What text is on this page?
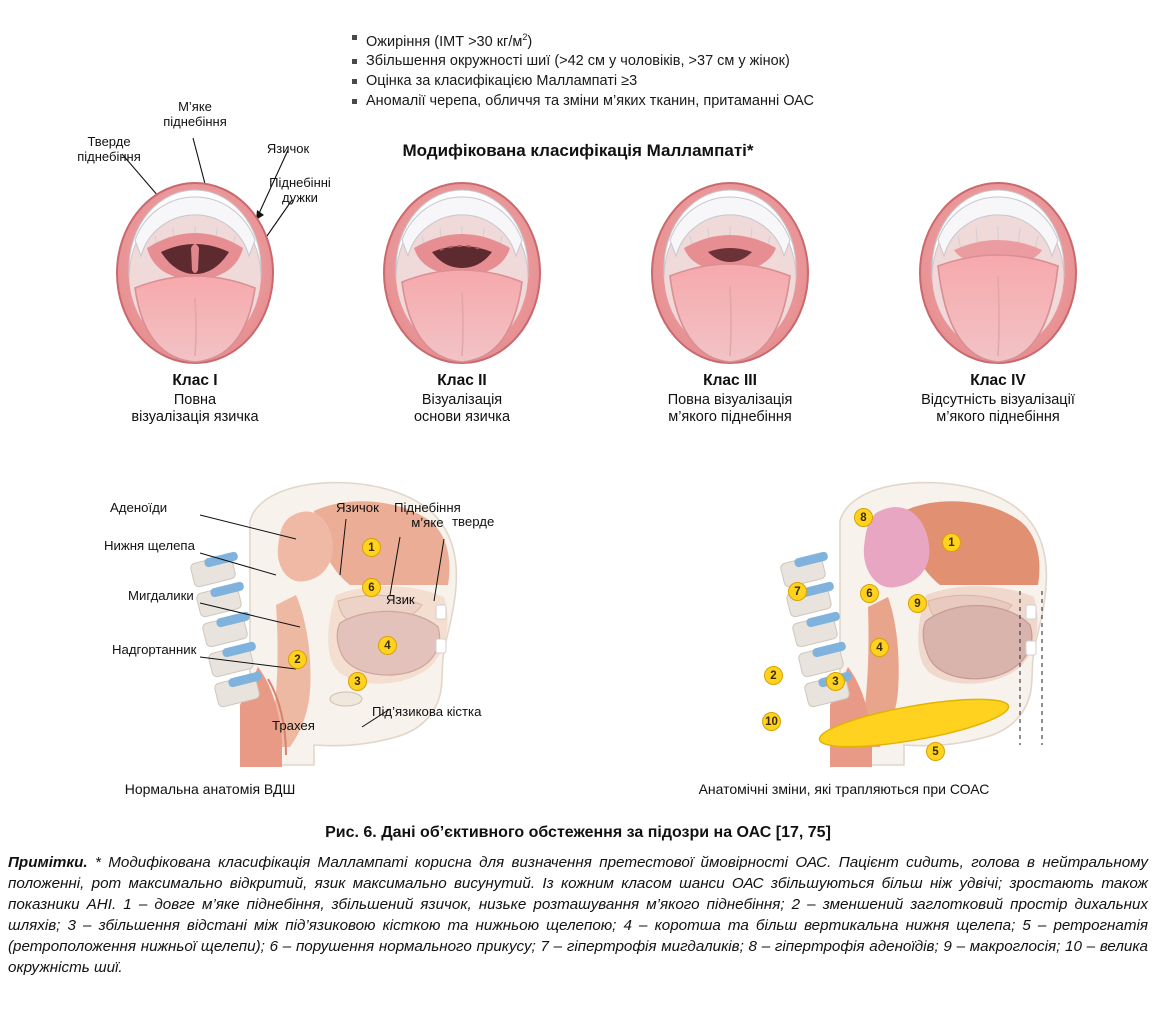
Ожиріння (ІМТ >30 $кг/м^2$)
Збільшення окружності шиї (>42 см у чоловіків, >37 см у жінок)
Оцінка за класифікацією Маллампаті ≥3
Аномалії черепа, обличчя та зміни м’яких тканин, притаманні ОАС
Модифікована класифікація Маллампаті*
Тверде
піднебіння
М’яке
піднебіння
Язичок
Піднебінні
дужки
Клас I
Повна
візуалізація язичка
Клас II
Візуалізація
основи язичка
Клас III
Повна візуалізація
м’якого піднебіння
Клас IV
Відсутність візуалізації
м’якого піднебіння
Аденоїди
Нижня щелепа
Мигдалики
Надгортанник
Трахея
Язичок Піднебіння
м’яке тверде
Язик
Під’язикова кістка
1
6
4
2
3
8
1
7	6
9
4
2	3
10
5
Нормальна анатомія ВДШ	Анатомічні зміни, які трапляються при СОАС
Рис. 6. Дані об’єктивного обстеження за підозри на ОАС [17, 75]
Примітки. * Модифікована класифікація Маллампаті корисна для визначення претестової ймовірності ОАС. Пацієнт сидить, голова в нейтральному положенні, рот максимально відкритий, язик максимально висунутий. Із кожним класом шанси ОАС збільшуються більш ніж удвічі; зростають також показники АНІ. 1 – довге м’яке піднебіння, збільшений язичок, низьке розташування м’якого піднебіння; 2 – зменшений заглотковий простір дихальних шляхів; 3 – збільшення відстані між під’язиковою кісткою та нижньою щелепою; 4 – коротша та більш вертикальна нижня щелепа; 5 – ретрогнатія (ретроположення нижньої щелепи); 6 – порушення нормального прикусу; 7 – гіпертрофія мигдаликів; 8 – гіпертрофія аденоїдів; 9 – макроглосія; 10 – велика окружність шиї.
